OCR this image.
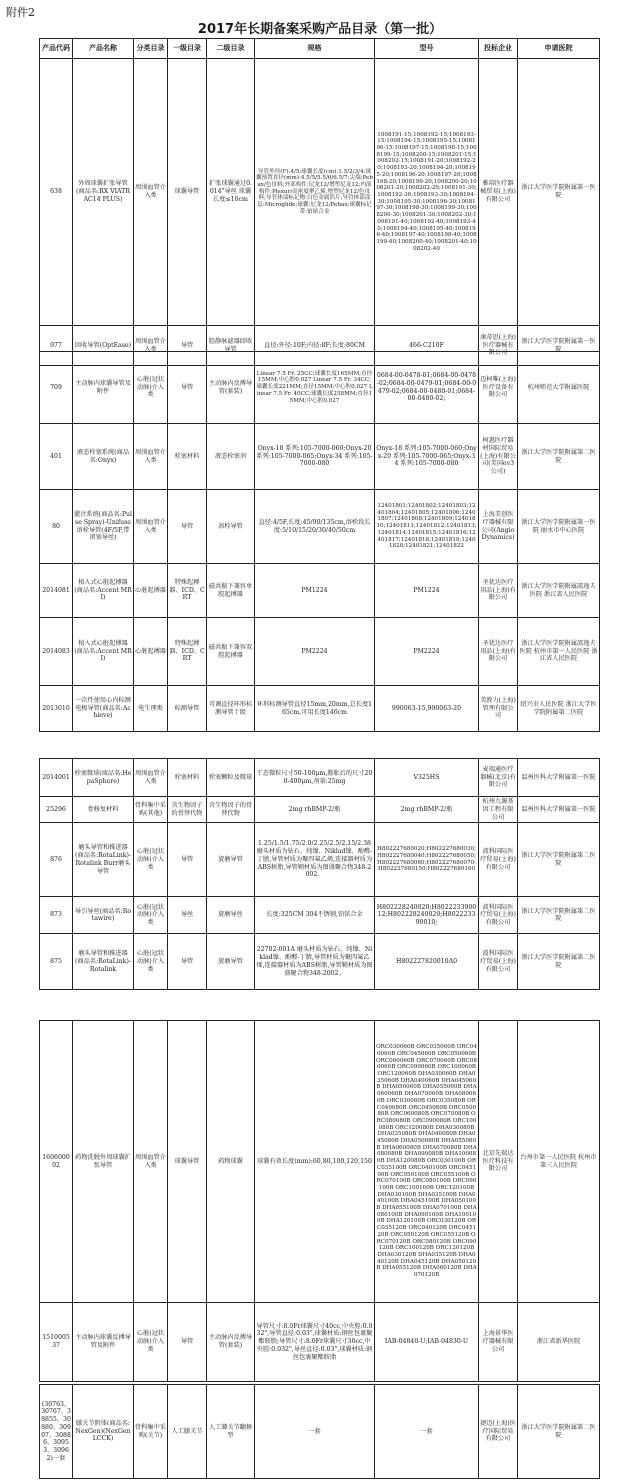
附件2
2017年长期备案采购产品目录（第一批）
产品代码	产品名称	分类目录	一级目录	二级目录	规格	型号	投标企业	申请医院
638	外周球囊扩张导管(商品名:RX VIATRAC14 PLUS)	周围血管介入类	球囊导管	扩张球囊通过0.014"导丝 球囊长度≤10cm	导管外径(F):4/5;球囊长度(cm):1.5/2/3/4;球囊预置直径(mm):4.5/5/5.5/6/6.5/7;尖端:Pebax/色母料;外部构件:尼龙12/增塑尼龙12;内部构件:Plexur/高密度聚乙烯,增塑尼龙12/色母料;导管体部标记物:白色金属箔片;导管体部涂层:Microglide;球囊:尼龙12/Pebax;球囊标记带:铂铱合金	1008191-15;1008192-15;1008193-15;1008194-15;1008195-15;1008196-15;1008197-15;1008198-15;1008199-15;1008200-15;1008201-15;1008202-15;1008191-20;1008192-20;1008193-20;1008194-20;1008195-20;1008196-20;1008197-20;1008198-20;1008199-20;1008200-20;1008201-20;1008202-20;1008191-30;1008192-30;1008193-30;1008194-30;1008195-30;1008196-30;1008197-30;1008198-30;1008199-30;1008200-30;1008201-30;1008202-30;1008191-40;1008192-40;1008193-40;1008194-40;1008195-40;1008196-40;1008197-40;1008198-40;1008199-40;1008200-40;1008201-40;1008202-40	雅培医疗器械贸易(上海)有限公司	浙江大学医学院附属第一医院
977	回收导管(OptEase)	周围血管介入类	导管	腔静脉滤器回收导管	直径:外径:10F;内径:8F;长度:80CM	466-C210F	康蒂思(上海)医疗器械有限公司	浙江大学医学院附属第一医院
709	主动脉内球囊导管及附件	心脏(冠状动脉)介入类	导管	主动脉内反搏导管(套装)	Linear 7.5 Fr. 25CC;球囊长度165MM;直径15MM;中心腔0.027 Linear 7.5 Fr. 34CC;球囊长度221MM;直径15MM;中心腔0.027 Linear 7.5 Fr. 40CC;球囊长度258MM;直径15MM;中心腔0.027	0684-00-0478-01;0684-00-0478-02;0684-00-0479-01;0684-00-0479-02;0684-00-0480-01;0684-00-0480-02;	迈柯唯(上海)医疗设备有限公司	杭州师范大学附属医院
401	液态栓塞系统(商品名:Onyx)	周围血管介入类	栓塞材料	液态栓塞剂	Onyx-18 系列:105-7000-060;Onyx-20 系列:105-7000-065;Onyx-34 系列:105-7000-080	Onyx-18 系列:105-7000-060;Onyx-20 系列:105-7000-065;Onyx-34 系列:105-7000-080	柯惠医疗器材国际贸易(上海)有限公司(美国ev3公司)	浙江大学医学院附属第二医院
80	灌注系统(商品名:Pulse Spray)-Unifuse溶栓导管(4F/5F,带闭塞导丝)	周围血管介入类	导管	溶栓导管	直径:4/5F,长度:45/90/135cm,溶栓段长度:5/10/15/20/30/40/50cm	12401801;12401802;12401803;12401804;12401805;12401806;12401807;12401808;12401809;12401810;12401811;12401812;12401813;12401814;12401815;12401816;12401817;12401818;12401819;12401820;12401821;12401822	上海美创医疗器械有限公司(AngioDynamics)	浙江大学医学院附属第一医院 丽水市中心医院
2014081	植入式心脏起搏器(商品名:Accent MRI)	心脏起搏器	特殊起搏器、ICD、CRT	磁共振下兼容单腔起搏器	PM1224	PM1224	圣犹达医疗用品(上海)有限公司	浙江大学医学院附属邵逸夫医院 浙江省人民医院
2014083	植入式心脏起搏器(商品名:Accent MRI)	心脏起搏器	特殊起搏器、ICD、CRT	磁共振下兼容双腔起搏器	PM2224	PM2224	圣犹达医疗用品(上海)有限公司	浙江大学医学院附属邵逸夫医院 杭州市第一人民医院 浙江省人民医院
2013010	一次性使用心内标测电极导管(商品名:Achieve)	电生理类	标测导管	可调直径环形标测导管十级	环形标测导管直径15mm,20mm,总长度165cm,可用长度146cm	990063-15,990063-20	美敦力(上海)管理有限公司	绍兴市人民医院 浙江大学医学院附属第二医院
2014001	栓塞微球(商品名:HepaSphere)	周围血管介入类	栓塞材料	栓塞颗粒及微球	干态微粒尺寸50-100μm,膨胀后的尺寸200-400μm,剂量:25mg	V325HS	麦瑞通医疗器械(北京)有限公司	温州医科大学附属第一医院
25296	骨修复材料	骨科集中采购(其他)	含生物因子的骨替代物	含生物因子的骨替代物	2mg rhBMP-2/瓶	2mg rhBMP-2/瓶	杭州九源基因工程有限公司	温州医科大学附属第一医院
876	磨头导管和推进器(商品名:RotaLink)-Rotalink Burr磨头导管	心脏(冠状动脉)介入类	导管	旋磨导管	1.25/1.5/1.75/2.0/2.25/2.5/2.15/2.38 磨头材质为钻石、纯镍、Niklad镍、酚醛-丁腈,导管材质为聚四氟乙烯,连接器材质为ABS树脂,导管鞘材质为图盛聚合物348-2002。	H802227680020;H802227680030;H802227680040;H802227680050;H802227680060;H802227680070;H802227680150;H802227680160	波科国际医疗贸易(上海)有限公司	浙江大学医学院附属第二医院
873	导引导丝(商品名:Rotawire)	心脏(冠状动脉)介入类	导丝	旋磨导丝	长度:325CM 304不锈钢,铂铱合金	H802228240020;H802223390012;H802228240020;H802223390010;	波科国际医疗贸易(上海)有限公司	浙江大学医学院附属第二医院
875	磨头导管和推进器(商品名:RotaLink)-Rotalink	心脏(冠状动脉)介入类	导管	旋磨导管	22782-001A 磨头材质为钻石、纯镍、Niklad镍、酚醛-丁腈,导管材质为聚四氟乙烯,连接器材质为ABS树脂,导管鞘材质为图盛聚合物348-2002。	H802227820010A0	波科国际医疗贸易(上海)有限公司	浙江大学医学院附属第二医院
160600002	药物洗脱外周球囊扩张导管	周围血管介入类	球囊导管	药物球囊	球囊有效长度(mm):60,80,100,120,150	ORC030060B ORC035060B ORC040060B ORC045060B ORC050060B ORC060060B ORC070060B ORC080060B ORC090060B ORC100060B ORC120060B DHA030060B DHA035060B DHA040060B DHA045060B DHA050060B DHA055060B DHA060060B DHA070060B DHA080060B ORC030080B ORC035080B ORC040080B ORC045080B ORC050080B ORC060080B ORC070080B ORC080080B ORC090080B ORC100080B ORC120080B DHA030080B DHA035080B DHA040080B DHA045080B DHA050080B DHA055080B DHA060080B DHA070080B DHA080080B DHA090080B DHA100080B DHA120080B ORC030100B ORC035100B ORC040100B ORC045100B ORC050100B ORC055100B ORC070100B ORC080100B ORC090100B ORC100100B ORC120100B DHA030100B DHA035100B DHA040100B DHA045100B DHA050100B DHA055100B DHA070100B DHA080100B DHA090100B DHA100100B DHA120100B ORC030120B ORC035120B ORC040120B ORC045120B ORC050120B ORC055120B ORC070120B ORC080120B ORC090120B ORC100120B ORC120120B DHA030120B DHA035120B DHA040120B DHA045120B DHA050120B DHA055120B DHA060120B DHA070120B	北京先瑞达医疗科技有限公司	台州市第一人民医院 杭州市第三人民医院
151000537	主动脉内球囊反搏导管及附件	心脏(冠状动脉)介入类	导管	主动脉内反搏导管(套装)	导管尺寸:8.0Fr球囊尺寸40cc,中央腔:0.032",导管直径:0.03",球囊材质:钢丝包裹聚酯胺脂;导管尺寸:8.0Fr球囊尺寸30cc,中央腔:0.032",导丝直径:0.03",球囊材质:钢丝包裹聚酯胺脂	IAB-04840-U;IAB-04830-U	上海景华医疗器械有限公司	浙江省新华医院
(30763、30767、38855、30880、30907、30886、30953、30962)一套	膝关节假体(商品名:NexGen)(NexGen LCCK)	骨科集中采购(关节)	人工膝关节	人工膝关节翻修型	一套	一套	捷迈(上海)医疗国际贸易有限公司	浙江大学医学院附属第二医院
